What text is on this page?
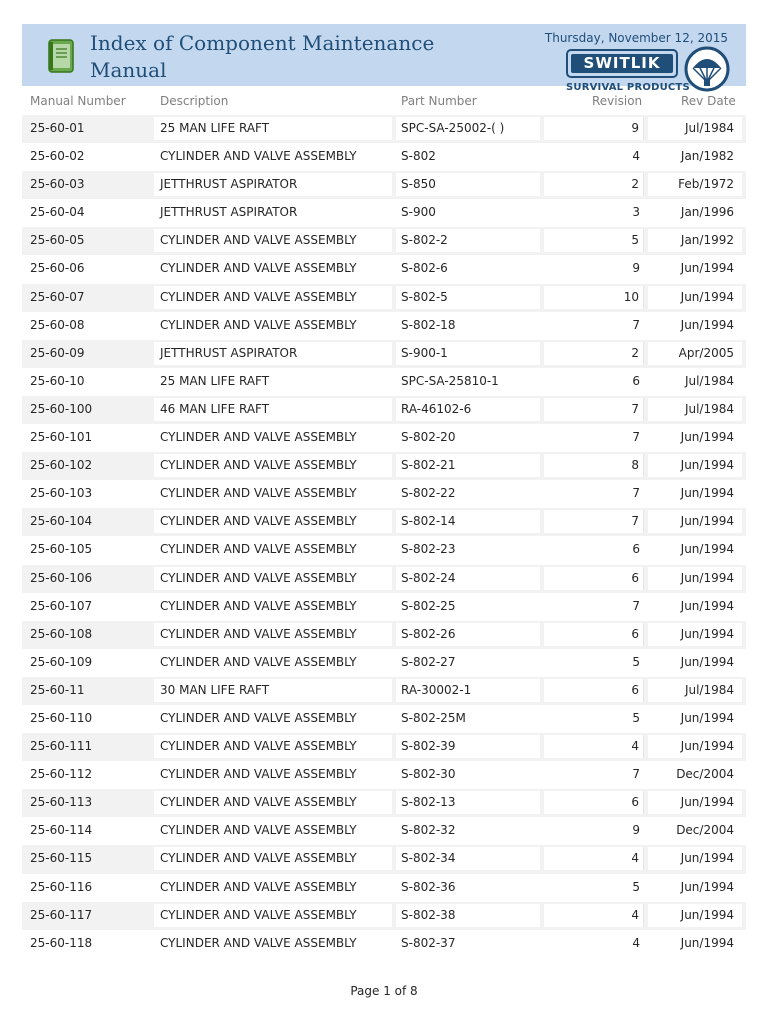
Index of Component Maintenance Manual
Thursday, November 12, 2015
SWITLIK
SURVIVAL PRODUCTS
Manual Number	Description	Part Number	Revision	Rev Date
25-60-01	25 MAN LIFE RAFT	SPC-SA-25002-( )	9	Jul/1984
25-60-02	CYLINDER AND VALVE ASSEMBLY	S-802	4	Jan/1982
25-60-03	JETTHRUST ASPIRATOR	S-850	2	Feb/1972
25-60-04	JETTHRUST ASPIRATOR	S-900	3	Jan/1996
25-60-05	CYLINDER AND VALVE ASSEMBLY	S-802-2	5	Jan/1992
25-60-06	CYLINDER AND VALVE ASSEMBLY	S-802-6	9	Jun/1994
25-60-07	CYLINDER AND VALVE ASSEMBLY	S-802-5	10	Jun/1994
25-60-08	CYLINDER AND VALVE ASSEMBLY	S-802-18	7	Jun/1994
25-60-09	JETTHRUST ASPIRATOR	S-900-1	2	Apr/2005
25-60-10	25 MAN LIFE RAFT	SPC-SA-25810-1	6	Jul/1984
25-60-100	46 MAN LIFE RAFT	RA-46102-6	7	Jul/1984
25-60-101	CYLINDER AND VALVE ASSEMBLY	S-802-20	7	Jun/1994
25-60-102	CYLINDER AND VALVE ASSEMBLY	S-802-21	8	Jun/1994
25-60-103	CYLINDER AND VALVE ASSEMBLY	S-802-22	7	Jun/1994
25-60-104	CYLINDER AND VALVE ASSEMBLY	S-802-14	7	Jun/1994
25-60-105	CYLINDER AND VALVE ASSEMBLY	S-802-23	6	Jun/1994
25-60-106	CYLINDER AND VALVE ASSEMBLY	S-802-24	6	Jun/1994
25-60-107	CYLINDER AND VALVE ASSEMBLY	S-802-25	7	Jun/1994
25-60-108	CYLINDER AND VALVE ASSEMBLY	S-802-26	6	Jun/1994
25-60-109	CYLINDER AND VALVE ASSEMBLY	S-802-27	5	Jun/1994
25-60-11	30 MAN LIFE RAFT	RA-30002-1	6	Jul/1984
25-60-110	CYLINDER AND VALVE ASSEMBLY	S-802-25M	5	Jun/1994
25-60-111	CYLINDER AND VALVE ASSEMBLY	S-802-39	4	Jun/1994
25-60-112	CYLINDER AND VALVE ASSEMBLY	S-802-30	7	Dec/2004
25-60-113	CYLINDER AND VALVE ASSEMBLY	S-802-13	6	Jun/1994
25-60-114	CYLINDER AND VALVE ASSEMBLY	S-802-32	9	Dec/2004
25-60-115	CYLINDER AND VALVE ASSEMBLY	S-802-34	4	Jun/1994
25-60-116	CYLINDER AND VALVE ASSEMBLY	S-802-36	5	Jun/1994
25-60-117	CYLINDER AND VALVE ASSEMBLY	S-802-38	4	Jun/1994
25-60-118	CYLINDER AND VALVE ASSEMBLY	S-802-37	4	Jun/1994
Page 1 of 8
